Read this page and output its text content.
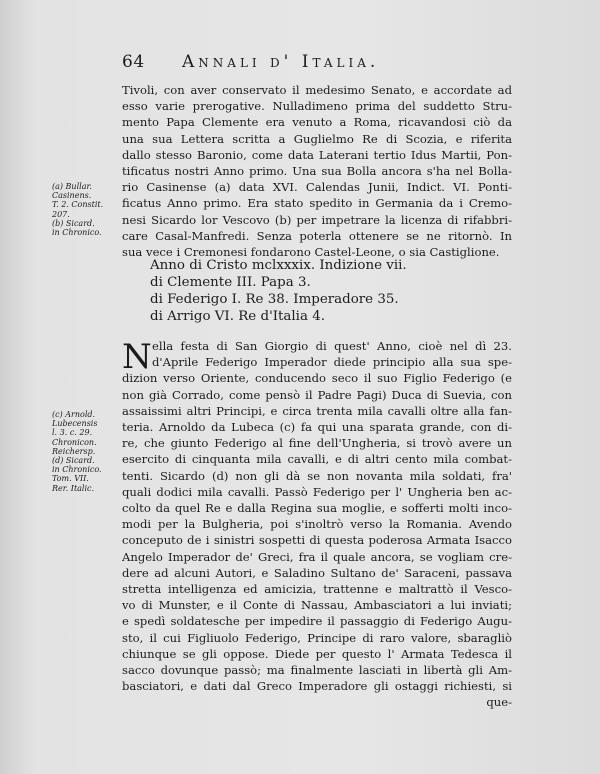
64 Annali d' Italia.
Tivoli, con aver conservato il medesimo Senato, e accordate ad
esso varie prerogative. Nulladimeno prima del suddetto Stru-
mento Papa Clemente era venuto a Roma, ricavandosi ciò da
una sua Lettera scritta a Guglielmo Re di Scozia, e riferita
dallo stesso Baronio, come data Laterani tertio Idus Martii, Pon-
tificatus nostri Anno primo. Una sua Bolla ancora s'ha nel Bolla-
rio Casinense (a) data XVI. Calendas Junii, Indict. VI. Ponti-
ficatus Anno primo. Era stato spedito in Germania da i Cremo-
nesi Sicardo lor Vescovo (b) per impetrare la licenza di rifabbri-
care Casal-Manfredi. Senza poterla ottenere se ne ritornò. In
sua vece i Cremonesi fondarono Castel-Leone, o sia Castiglione.
(a) Bullar.
Casinens.
T. 2. Constit.
207.
(b) Sicard.
in Chronico.
Anno di Cristo mclxxxix. Indizione vii.
di Clemente III. Papa 3.
di Federigo I. Re 38. Imperadore 35.
di Arrigo VI. Re d'Italia 4.
N ella festa di San Giorgio di quest' Anno, cioè nel dì 23.
d'Aprile Federigo Imperador diede principio alla sua spe-
dizion verso Oriente, conducendo seco il suo Figlio Federigo (e
non già Corrado, come pensò il Padre Pagi) Duca di Suevia, con
assaissimi altri Principi, e circa trenta mila cavalli oltre alla fan-
teria. Arnoldo da Lubeca (c) fa qui una sparata grande, con di-
re, che giunto Federigo al fine dell'Ungheria, si trovò avere un
esercito di cinquanta mila cavalli, e di altri cento mila combat-
tenti. Sicardo (d) non gli dà se non novanta mila soldati, fra'
quali dodici mila cavalli. Passò Federigo per l' Ungheria ben ac-
colto da quel Re e dalla Regina sua moglie, e sofferti molti inco-
modi per la Bulgheria, poi s'inoltrò verso la Romania. Avendo
conceputo de i sinistri sospetti di questa poderosa Armata Isacco
Angelo Imperador de' Greci, fra il quale ancora, se vogliam cre-
dere ad alcuni Autori, e Saladino Sultano de' Saraceni, passava
stretta intelligenza ed amicizia, trattenne e maltrattò il Vesco-
vo di Munster, e il Conte di Nassau, Ambasciatori a lui inviati;
e spedì soldatesche per impedire il passaggio di Federigo Augu-
sto, il cui Figliuolo Federigo, Principe di raro valore, sbaragliò
chiunque se gli oppose. Diede per questo l' Armata Tedesca il
sacco dovunque passò; ma finalmente lasciati in libertà gli Am-
basciatori, e dati dal Greco Imperadore gli ostaggi richiesti, si
que-
(c) Arnold.
Lubecensis
l. 3. c. 29.
Chronicon.
Reichersp.
(d) Sicard.
in Chronico.
Tom. VII.
Rer. Italic.
